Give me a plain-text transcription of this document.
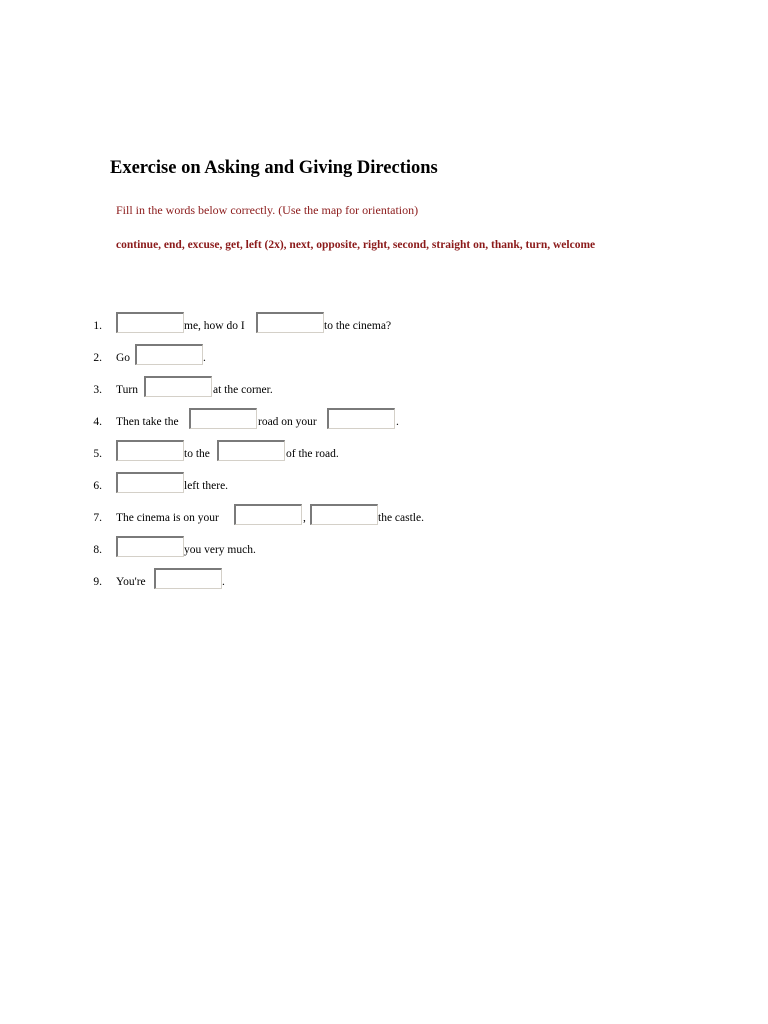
Exercise on Asking and Giving Directions
Fill in the words below correctly. (Use the map for orientation)
continue, end, excuse, get, left (2x), next, opposite, right, second, straight on, thank, turn, welcome
1.	me, how do I	to the cinema?
2. Go	.
3. Turn	at the corner.
4. Then take the	road on your	.
5.	to the	of the road.
6.	left there.
7. The cinema is on your	,	the castle.
8.	you very much.
9. You're	.
